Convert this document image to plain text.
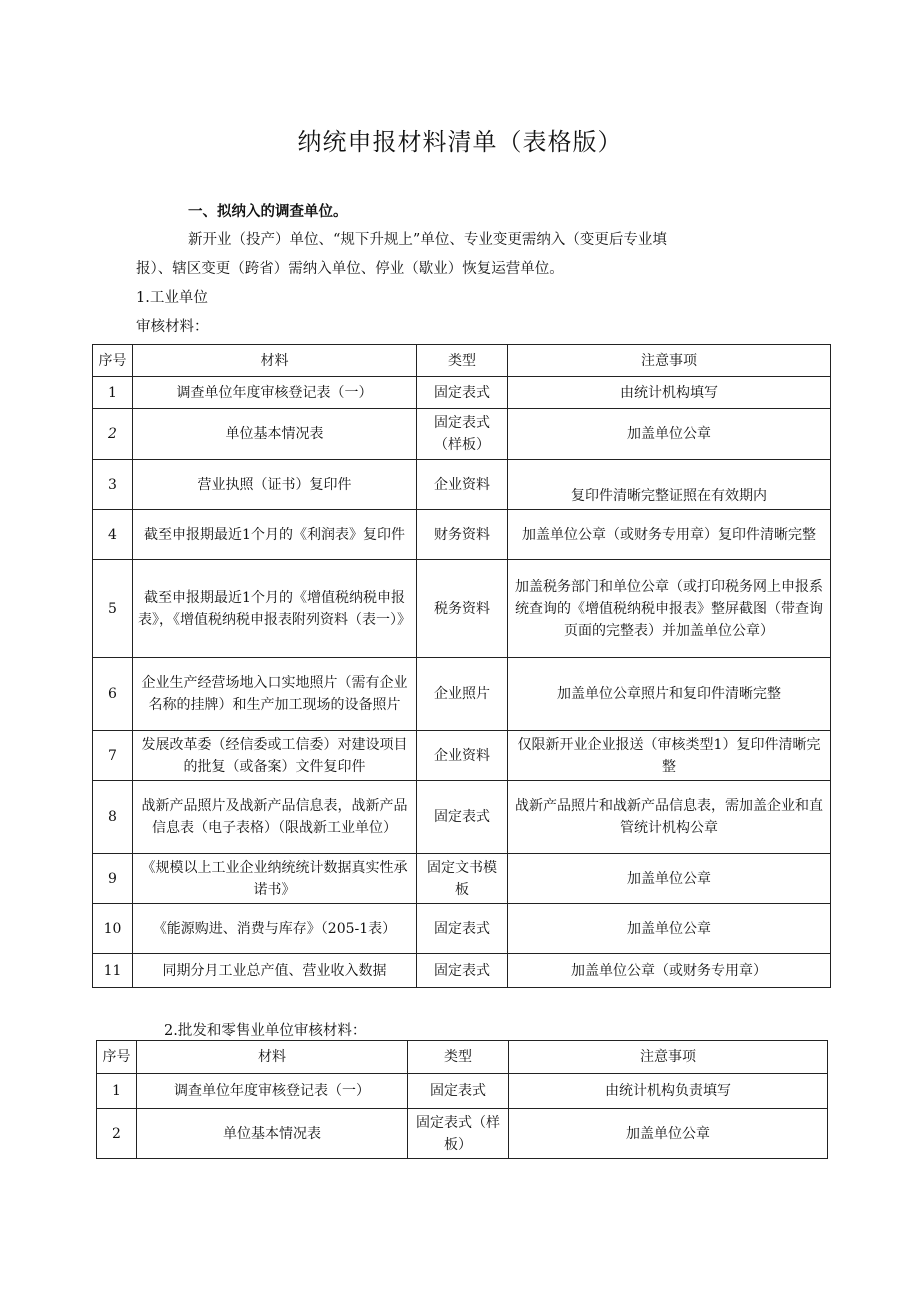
纳统申报材料清单（表格版）
一、拟纳入的调查单位。
新开业（投产）单位、“规下升规上”单位、专业变更需纳入（变更后专业填
报）、辖区变更（跨省）需纳入单位、停业（歇业）恢复运营单位。
1.工业单位
审核材料：
序号	材料	类型	注意事项
1	调查单位年度审核登记表（一）	固定表式	由统计机构填写
2	单位基本情况表	固定表式（样板）	加盖单位公章
3	营业执照（证书）复印件	企业资料	复印件清晰完整证照在有效期内
4	截至申报期最近1个月的《利润表》复印件	财务资料	加盖单位公章（或财务专用章）复印件清晰完整
5	截至申报期最近1个月的《增值税纳税申报表》，《增值税纳税申报表附列资料（表一）》	税务资料	加盖税务部门和单位公章（或打印税务网上申报系统查询的《增值税纳税申报表》整屏截图（带查询页面的完整表）并加盖单位公章）
6	企业生产经营场地入口实地照片（需有企业名称的挂牌）和生产加工现场的设备照片	企业照片	加盖单位公章照片和复印件清晰完整
7	发展改革委（经信委或工信委）对建设项目的批复（或备案）文件复印件	企业资料	仅限新开业企业报送（审核类型1）复印件清晰完整
8	战新产品照片及战新产品信息表，战新产品信息表（电子表格）（限战新工业单位）	固定表式	战新产品照片和战新产品信息表，需加盖企业和直管统计机构公章
9	《规模以上工业企业纳统统计数据真实性承诺书》	固定文书模板	加盖单位公章
10	《能源购进、消费与库存》（205-1表）	固定表式	加盖单位公章
11	同期分月工业总产值、营业收入数据	固定表式	加盖单位公章（或财务专用章）
2.批发和零售业单位审核材料：
序号	材料	类型	注意事项
1	调查单位年度审核登记表（一）	固定表式	由统计机构负责填写
2	单位基本情况表	固定表式（样板）	加盖单位公章
